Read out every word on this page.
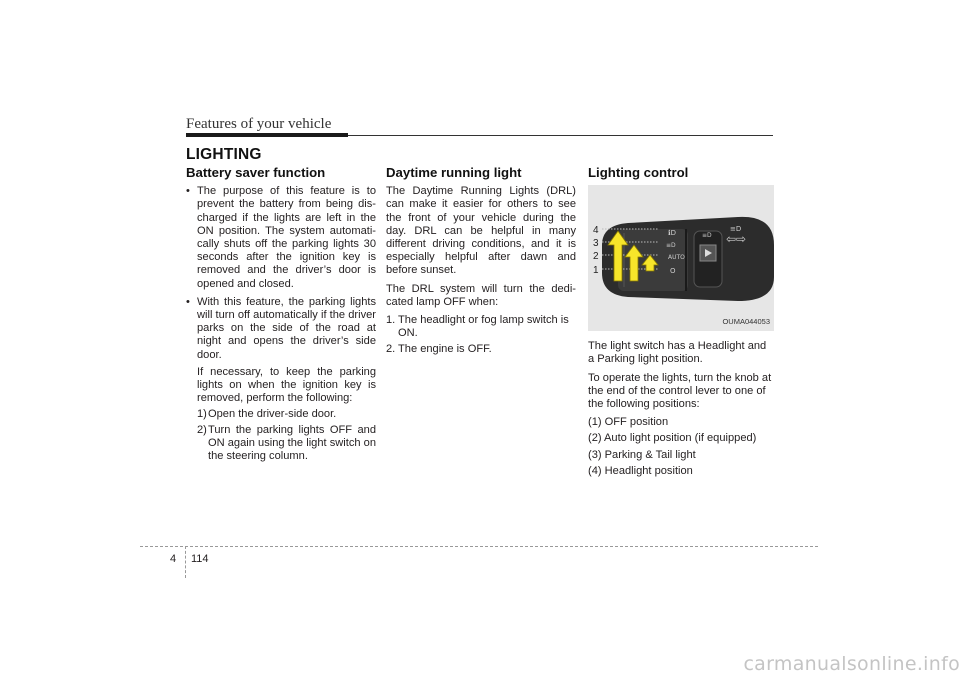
Features of your vehicle
LIGHTING
Battery saver function
• The purpose of this feature is to prevent the battery from being dis-charged if the lights are left in the ON position. The system automati-cally shuts off the parking lights 30 seconds after the ignition key is removed and the driver’s door is opened and closed.
• With this feature, the parking lights will turn off automatically if the driver parks on the side of the road at night and opens the driver’s side door.
If necessary, to keep the parking lights on when the ignition key is removed, perform the following:
1) Open the driver-side door.
2) Turn the parking lights OFF and ON again using the light switch on the steering column.
Daytime running light

The Daytime Running Lights (DRL) can make it easier for others to see the front of your vehicle during the day. DRL can be helpful in many different driving conditions, and it is especially helpful after dawn and before sunset.

The DRL system will turn the dedi-cated lamp OFF when:

1. The headlight or fog lamp switch is ON.
2. The engine is OFF.
Lighting control
ℹD
≡D
AUTO
O
≡D
≡D
⇦⇨
4
3
2
1
OUMA044053

The light switch has a Headlight and a Parking light position.

To operate the lights, turn the knob at the end of the control lever to one of the following positions:

(1) OFF position
(2) Auto light position (if equipped)
(3) Parking & Tail light
(4) Headlight position
4 114
carmanualsonline.info
